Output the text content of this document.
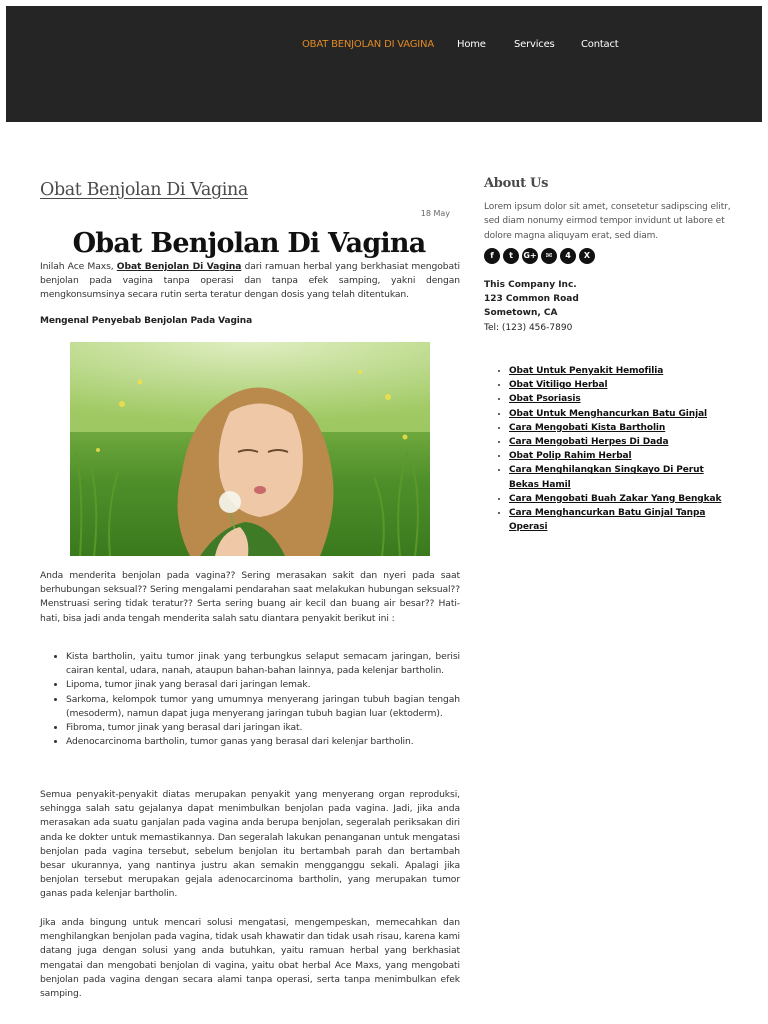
OBAT BENJOLAN DI VAGINA Home	Services	Contact
Obat Benjolan Di Vagina
18 May
Obat Benjolan Di Vagina

Inilah Ace Maxs, Obat Benjolan Di Vagina dari ramuan herbal yang berkhasiat mengobati benjolan pada vagina tanpa operasi dan tanpa efek samping, yakni dengan mengkonsumsinya secara rutin serta teratur dengan dosis yang telah ditentukan.

Mengenal Penyebab Benjolan Pada Vagina

Anda menderita benjolan pada vagina?? Sering merasakan sakit dan nyeri pada saat berhubungan seksual?? Sering mengalami pendarahan saat melakukan hubungan seksual?? Menstruasi sering tidak teratur?? Serta sering buang air kecil dan buang air besar?? Hati-hati, bisa jadi anda tengah menderita salah satu diantara penyakit berikut ini :

• Kista bartholin, yaitu tumor jinak yang terbungkus selaput semacam jaringan, berisi cairan kental, udara, nanah, ataupun bahan-bahan lainnya, pada kelenjar bartholin.
• Lipoma, tumor jinak yang berasal dari jaringan lemak.
• Sarkoma, kelompok tumor yang umumnya menyerang jaringan tubuh bagian tengah (mesoderm), namun dapat juga menyerang jaringan tubuh bagian luar (ektoderm).
• Fibroma, tumor jinak yang berasal dari jaringan ikat.
• Adenocarcinoma bartholin, tumor ganas yang berasal dari kelenjar bartholin.

Semua penyakit-penyakit diatas merupakan penyakit yang menyerang organ reproduksi, sehingga salah satu gejalanya dapat menimbulkan benjolan pada vagina. Jadi, jika anda merasakan ada suatu ganjalan pada vagina anda berupa benjolan, segeralah periksakan diri anda ke dokter untuk memastikannya. Dan segeralah lakukan penanganan untuk mengatasi benjolan pada vagina tersebut, sebelum benjolan itu bertambah parah dan bertambah besar ukurannya, yang nantinya justru akan semakin mengganggu sekali. Apalagi jika benjolan tersebut merupakan gejala adenocarcinoma bartholin, yang merupakan tumor ganas pada kelenjar bartholin.

Jika anda bingung untuk mencari solusi mengatasi, mengempeskan, memecahkan dan menghilangkan benjolan pada vagina, tidak usah khawatir dan tidak usah risau, karena kami datang juga dengan solusi yang anda butuhkan, yaitu ramuan herbal yang berkhasiat mengatai dan mengobati benjolan di vagina, yaitu obat herbal Ace Maxs, yang mengobati benjolan pada vagina dengan secara alami tanpa operasi, serta tanpa menimbulkan efek samping.

About Us

Lorem ipsum dolor sit amet, consetetur sadipscing elitr, sed diam nonumy eirmod tempor invidunt ut labore et dolore magna aliquyam erat, sed diam.

f t G+ ✉ 4 X
This Company Inc.
123 Common Road
Sometown, CA
Tel: (123) 456-7890
• Obat Untuk Penyakit Hemofilia
• Obat Vitiligo Herbal
• Obat Psoriasis
• Obat Untuk Menghancurkan Batu Ginjal
• Cara Mengobati Kista Bartholin
• Cara Mengobati Herpes Di Dada
• Obat Polip Rahim Herbal
• Cara Menghilangkan Singkayo Di Perut Bekas Hamil
• Cara Mengobati Buah Zakar Yang Bengkak
• Cara Menghancurkan Batu Ginjal Tanpa Operasi
